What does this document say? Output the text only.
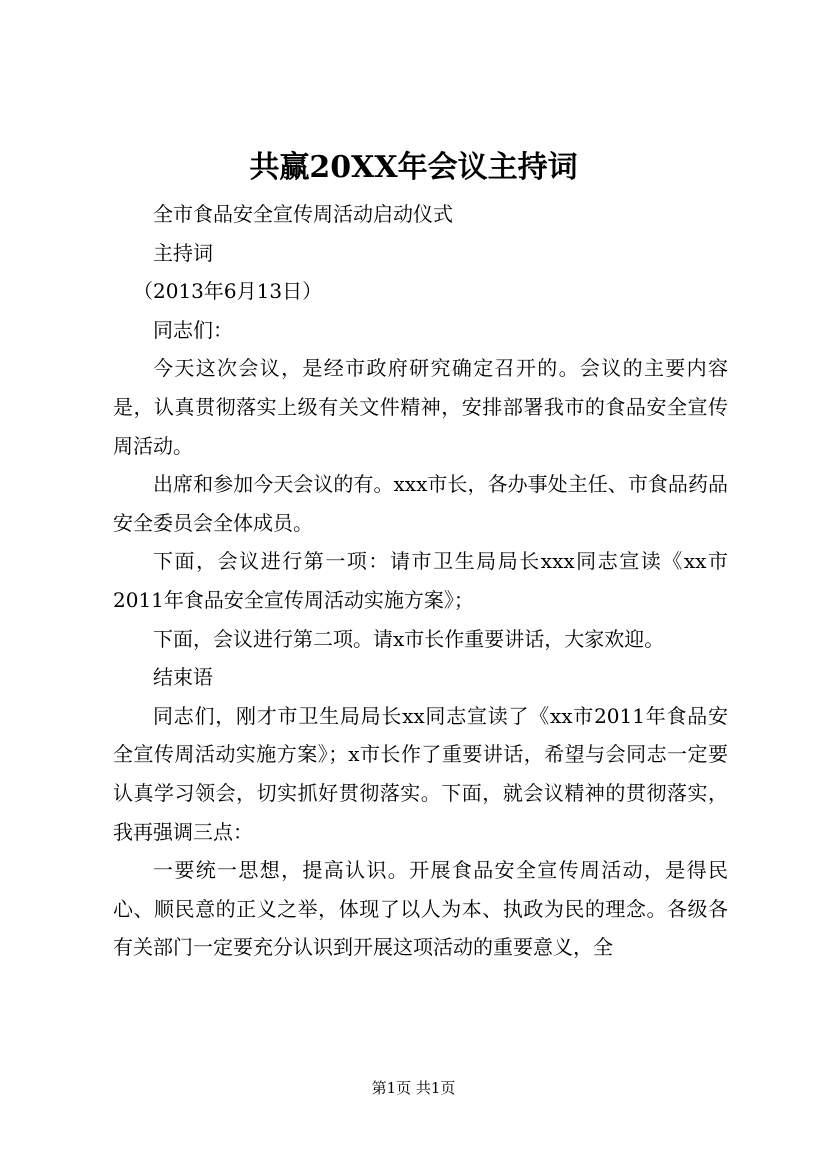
共赢20XX年会议主持词

全市食品安全宣传周活动启动仪式

主持词

（2013年6月13日）

同志们：

今天这次会议，是经市政府研究确定召开的。会议的主要内容是，认真贯彻落实上级有关文件精神，安排部署我市的食品安全宣传周活动。

出席和参加今天会议的有。xxx市长，各办事处主任、市食品药品安全委员会全体成员。

下面，会议进行第一项：请市卫生局局长xxx同志宣读《xx市2011年食品安全宣传周活动实施方案》；

下面，会议进行第二项。请x市长作重要讲话，大家欢迎。

结束语

同志们，刚才市卫生局局长xx同志宣读了《xx市2011年食品安全宣传周活动实施方案》；x市长作了重要讲话，希望与会同志一定要认真学习领会，切实抓好贯彻落实。下面，就会议精神的贯彻落实，我再强调三点：

一要统一思想，提高认识。开展食品安全宣传周活动，是得民心、顺民意的正义之举，体现了以人为本、执政为民的理念。各级各有关部门一定要充分认识到开展这项活动的重要意义，全

第1页 共1页
